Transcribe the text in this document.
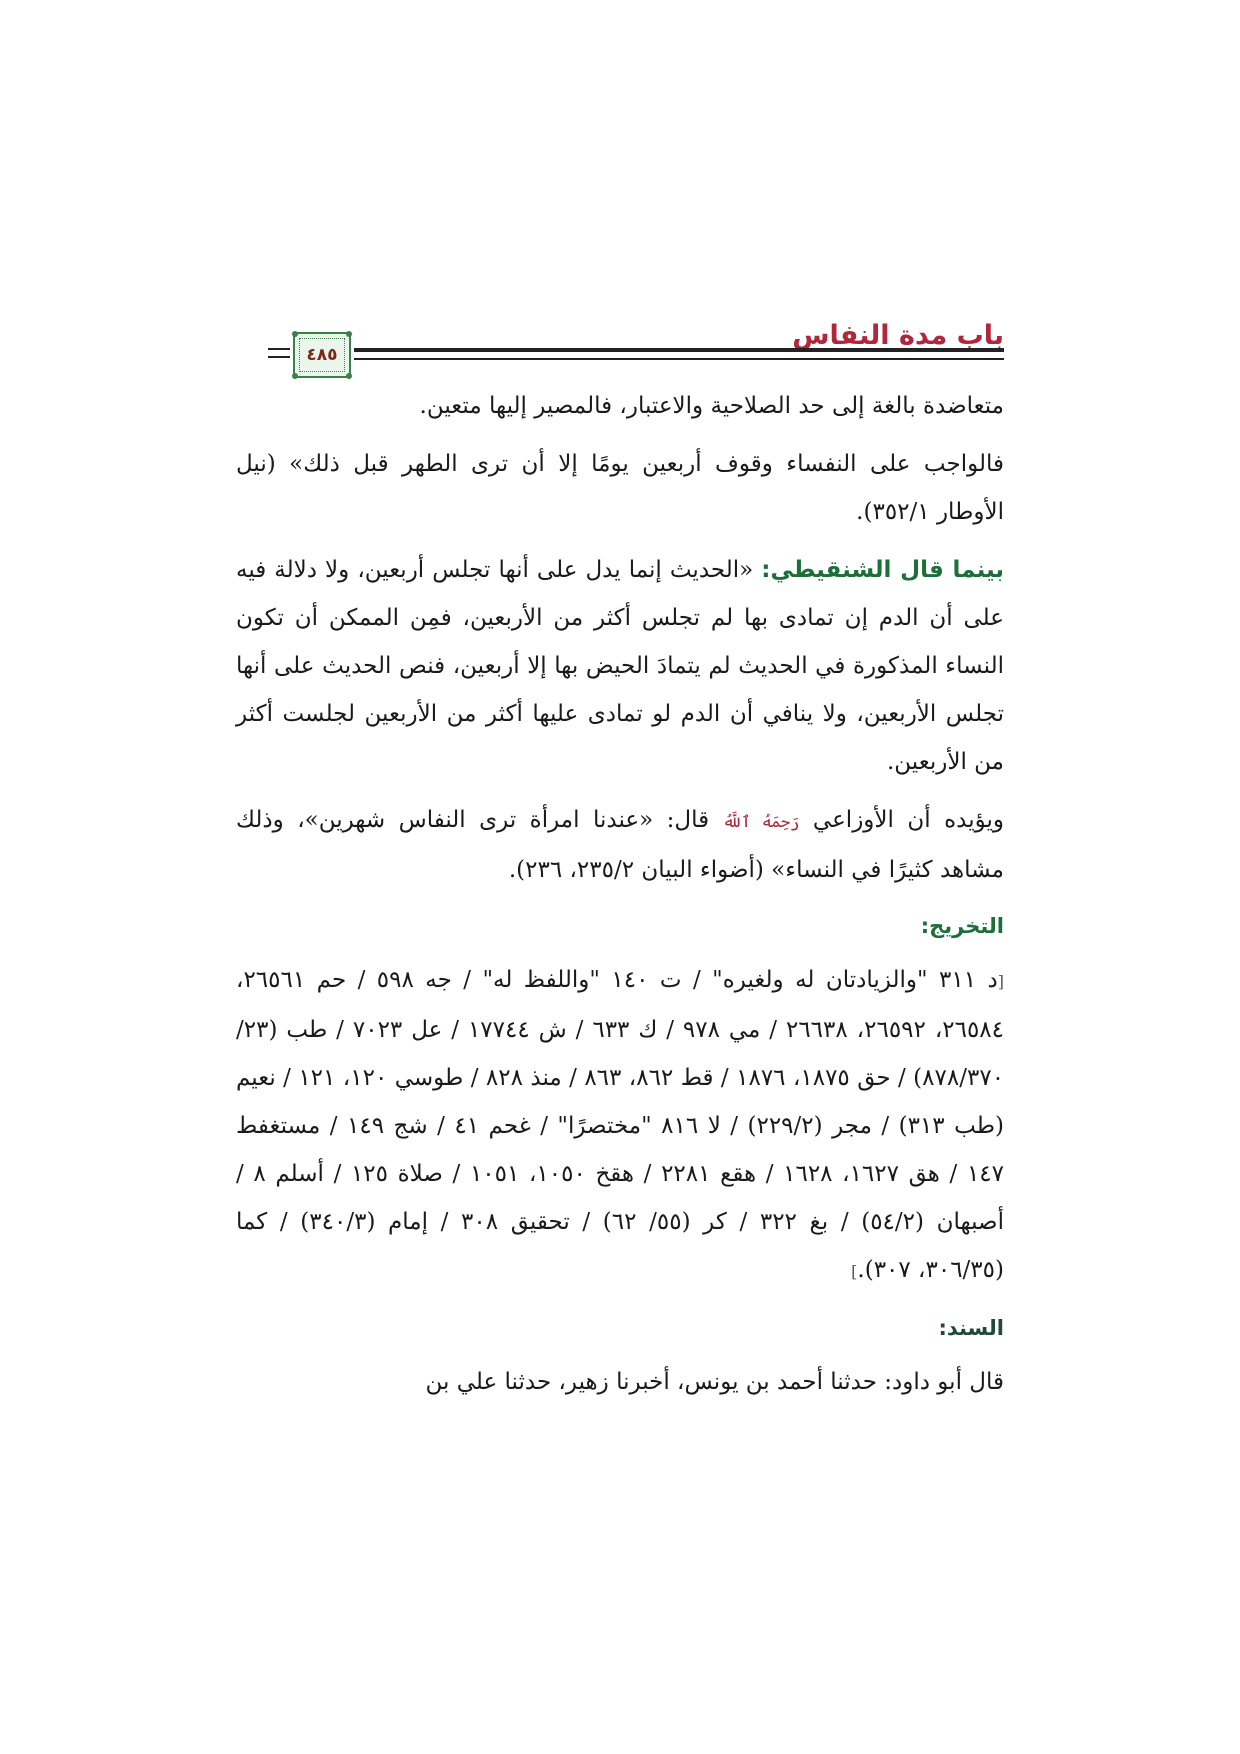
باب مدة النفاس
٤٨٥

متعاضدة بالغة إلى حد الصلاحية والاعتبار، فالمصير إليها متعين.

فالواجب على النفساء وقوف أربعين يومًا إلا أن ترى الطهر قبل ذلك» (نيل الأوطار ٣٥٢/١).

بينما قال الشنقيطي: «الحديث إنما يدل على أنها تجلس أربعين، ولا دلالة فيه على أن الدم إن تمادى بها لم تجلس أكثر من الأربعين، فمِن الممكن أن تكون النساء المذكورة في الحديث لم يتمادَ الحيض بها إلا أربعين، فنص الحديث على أنها تجلس الأربعين، ولا ينافي أن الدم لو تمادى عليها أكثر من الأربعين لجلست أكثر من الأربعين.

ويؤيده أن الأوزاعي رَحِمَهُ ٱللَّهُ قال: «عندنا امرأة ترى النفاس شهرين»، وذلك مشاهد كثيرًا في النساء» (أضواء البيان ٢٣٥/٢، ٢٣٦).

التخريج:

[د ٣١١ "والزيادتان له ولغيره" / ت ١٤٠ "واللفظ له" / جه ٥٩٨ / حم ٢٦٥٦١، ٢٦٥٨٤، ٢٦٥٩٢، ٢٦٦٣٨ / مي ٩٧٨ / ك ٦٣٣ / ش ١٧٧٤٤ / عل ٧٠٢٣ / طب (٢٣/ ٨٧٨/٣٧٠) / حق ١٨٧٥، ١٨٧٦ / قط ٨٦٢، ٨٦٣ / منذ ٨٢٨ / طوسي ١٢٠، ١٢١ / نعيم (طب ٣١٣) / مجر (٢٢٩/٢) / لا ٨١٦ "مختصرًا" / غحم ٤١ / شج ١٤٩ / مستغفط ١٤٧ / هق ١٦٢٧، ١٦٢٨ / هقع ٢٢٨١ / هقخ ١٠٥٠، ١٠٥١ / صلاة ١٢٥ / أسلم ٨ / أصبهان (٥٤/٢) / بغ ٣٢٢ / كر (٥٥/ ٦٢) / تحقيق ٣٠٨ / إمام (٣٤٠/٣) / كما (٣٠٦/٣٥، ٣٠٧).]

السند:

قال أبو داود: حدثنا أحمد بن يونس، أخبرنا زهير، حدثنا علي بن
